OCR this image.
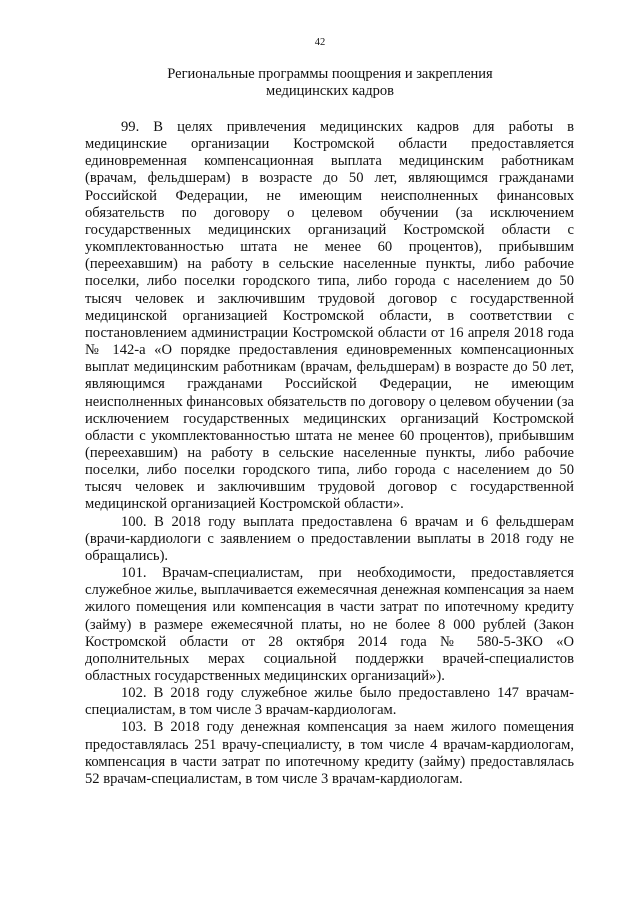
42
Региональные программы поощрения и закрепления
медицинских кадров

99. В целях привлечения медицинских кадров для работы в медицинские организации Костромской области предоставляется единовременная компенсационная выплата медицинским работникам (врачам, фельдшерам) в возрасте до 50 лет, являющимся гражданами Российской Федерации, не имеющим неисполненных финансовых обязательств по договору о целевом обучении (за исключением государственных медицинских организаций Костромской области с укомплектованностью штата не менее 60 процентов), прибывшим (переехавшим) на работу в сельские населенные пункты, либо рабочие поселки, либо поселки городского типа, либо города с населением до 50 тысяч человек и заключившим трудовой договор с государственной медицинской организацией Костромской области, в соответствии с постановлением администрации Костромской области от 16 апреля 2018 года № 142-а «О порядке предоставления единовременных компенсационных выплат медицинским работникам (врачам, фельдшерам) в возрасте до 50 лет, являющимся гражданами Российской Федерации, не имеющим неисполненных финансовых обязательств по договору о целевом обучении (за исключением государственных медицинских организаций Костромской области с укомплектованностью штата не менее 60 процентов), прибывшим (переехавшим) на работу в сельские населенные пункты, либо рабочие поселки, либо поселки городского типа, либо города с населением до 50 тысяч человек и заключившим трудовой договор с государственной медицинской организацией Костромской области».

100. В 2018 году выплата предоставлена 6 врачам и 6 фельдшерам (врачи-кардиологи с заявлением о предоставлении выплаты в 2018 году не обращались).

101. Врачам-специалистам, при необходимости, предоставляется служебное жилье, выплачивается ежемесячная денежная компенсация за наем жилого помещения или компенсация в части затрат по ипотечному кредиту (займу) в размере ежемесячной платы, но не более 8 000 рублей (Закон Костромской области от 28 октября 2014 года № 580-5-ЗКО «О дополнительных мерах социальной поддержки врачей-специалистов областных государственных медицинских организаций»).

102. В 2018 году служебное жилье было предоставлено 147 врачам-специалистам, в том числе 3 врачам-кардиологам.

103. В 2018 году денежная компенсация за наем жилого помещения предоставлялась 251 врачу-специалисту, в том числе 4 врачам-кардиологам, компенсация в части затрат по ипотечному кредиту (займу) предоставлялась 52 врачам-специалистам, в том числе 3 врачам-кардиологам.
